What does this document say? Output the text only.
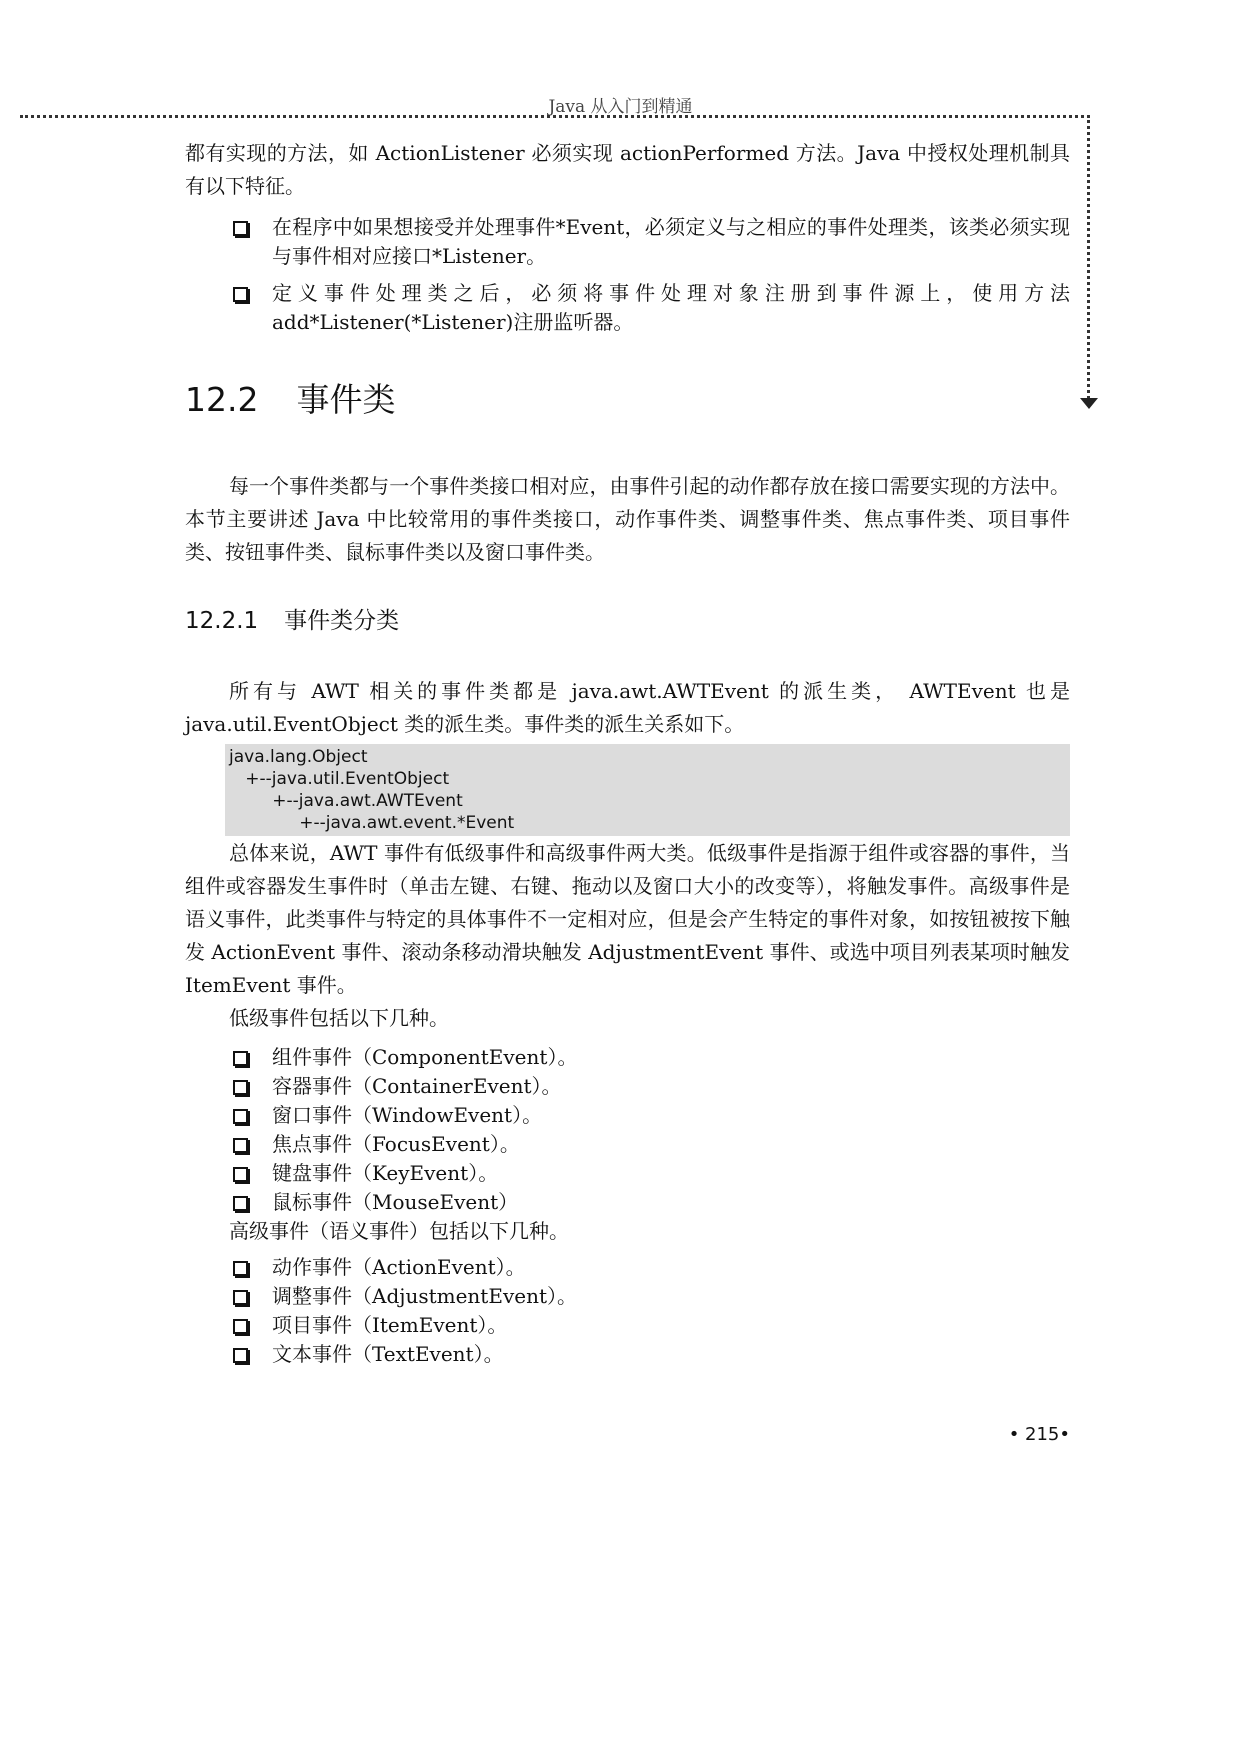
Java 从入门到精通

都有实现的方法，如 ActionListener 必须实现 actionPerformed 方法。Java 中授权处理机制具有以下特征。

在程序中如果想接受并处理事件*Event，必须定义与之相应的事件处理类，该类必须实现与事件相对应接口*Listener。
定义事件处理类之后，必须将事件处理对象注册到事件源上，使用方法 add*Listener(*Listener)注册监听器。
12.2 事件类

每一个事件类都与一个事件类接口相对应，由事件引起的动作都存放在接口需要实现的方法中。本节主要讲述 Java 中比较常用的事件类接口，动作事件类、调整事件类、焦点事件类、项目事件类、按钮事件类、鼠标事件类以及窗口事件类。

12.2.1 事件类分类

所有与 AWT 相关的事件类都是 java.awt.AWTEvent 的派生类， AWTEvent 也是 java.util.EventObject 类的派生类。事件类的派生关系如下。

java.lang.Object
+--java.util.EventObject
+--java.awt.AWTEvent
+--java.awt.event.*Event

总体来说，AWT 事件有低级事件和高级事件两大类。低级事件是指源于组件或容器的事件，当组件或容器发生事件时（单击左键、右键、拖动以及窗口大小的改变等），将触发事件。高级事件是语义事件，此类事件与特定的具体事件不一定相对应，但是会产生特定的事件对象，如按钮被按下触发 ActionEvent 事件、滚动条移动滑块触发 AdjustmentEvent 事件、或选中项目列表某项时触发 ItemEvent 事件。

低级事件包括以下几种。

组件事件（ComponentEvent）。
容器事件（ContainerEvent）。
窗口事件（WindowEvent）。
焦点事件（FocusEvent）。
键盘事件（KeyEvent）。
鼠标事件（MouseEvent）

高级事件（语义事件）包括以下几种。

动作事件（ActionEvent）。
调整事件（AdjustmentEvent）。
项目事件（ItemEvent）。
文本事件（TextEvent）。
• 215•
